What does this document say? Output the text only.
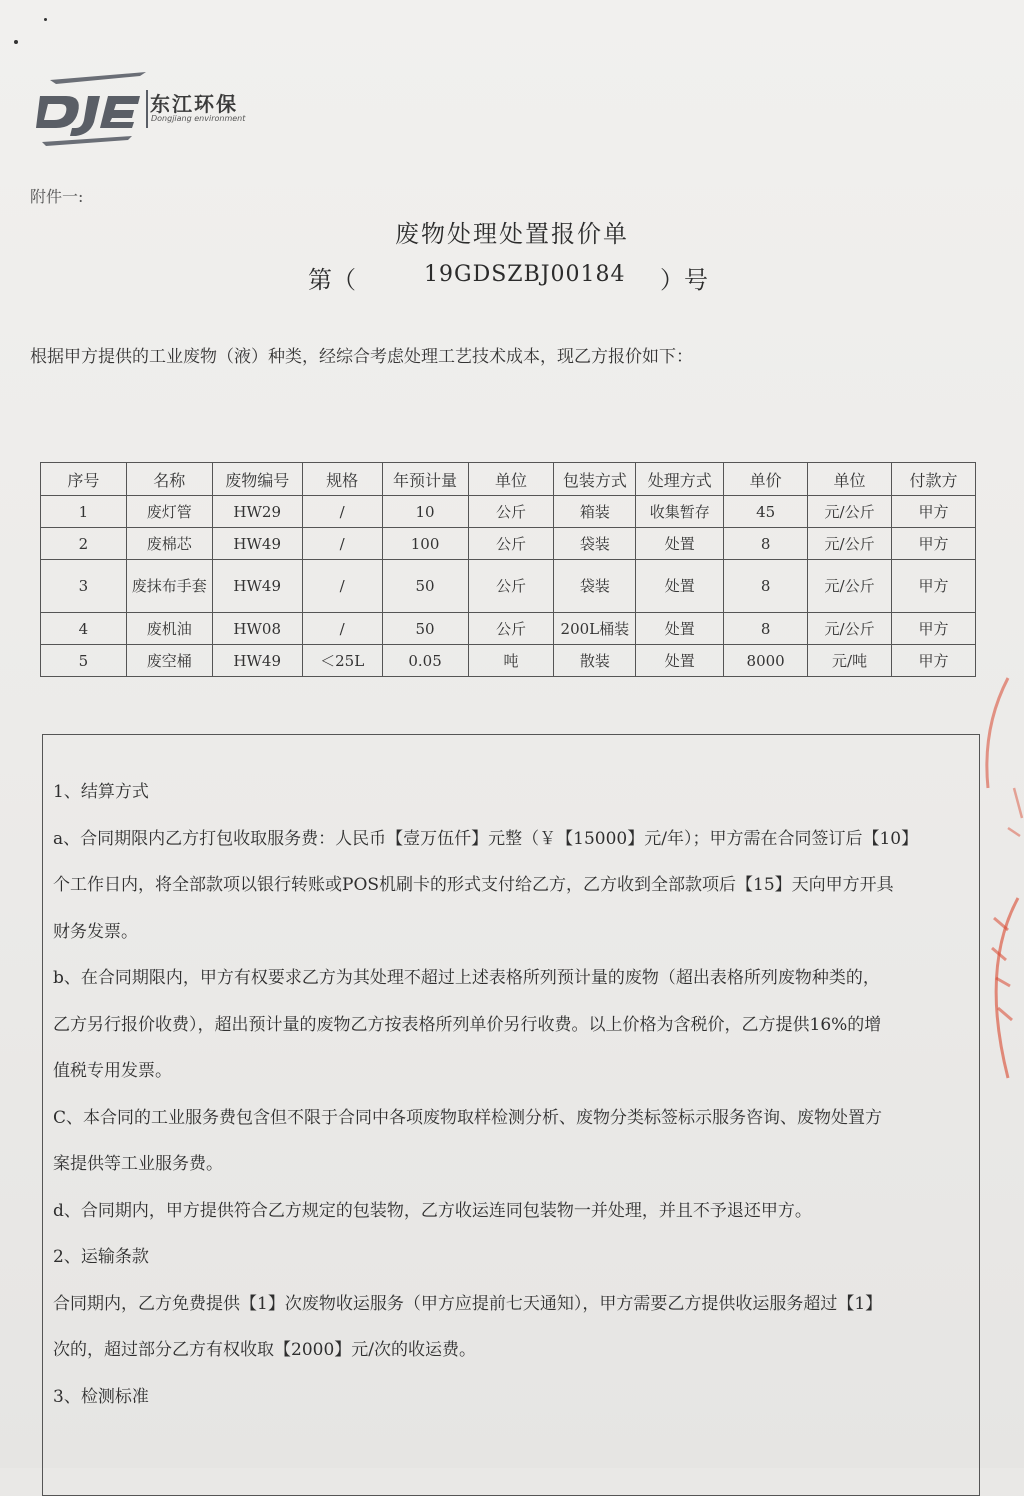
东江环保
Dongjiang environment
附件一:
废物处理处置报价单
第（	19GDSZBJ00184 ）号
根据甲方提供的工业废物（液）种类，经综合考虑处理工艺技术成本，现乙方报价如下：
序号	名称	废物编号	规格	年预计量	单位	包装方式	处理方式	单价	单位	付款方
1	废灯管	HW29	/	10	公斤	箱装	收集暂存	45	元/公斤	甲方
2	废棉芯	HW49	/	100	公斤	袋装	处置	8	元/公斤	甲方
3	废抹布手套	HW49	/	50	公斤	袋装	处置	8	元/公斤	甲方
4	废机油	HW08	/	50	公斤	200L桶装	处置	8	元/公斤	甲方
5	废空桶	HW49	＜25L	0.05	吨	散装	处置	8000	元/吨	甲方

1、结算方式

a、合同期限内乙方打包收取服务费：人民币【壹万伍仟】元整（￥【15000】元/年）；甲方需在合同签订后【10】

个工作日内，将全部款项以银行转账或POS机刷卡的形式支付给乙方，乙方收到全部款项后【15】天向甲方开具

财务发票。

b、在合同期限内，甲方有权要求乙方为其处理不超过上述表格所列预计量的废物（超出表格所列废物种类的，

乙方另行报价收费），超出预计量的废物乙方按表格所列单价另行收费。以上价格为含税价，乙方提供16%的增

值税专用发票。

C、本合同的工业服务费包含但不限于合同中各项废物取样检测分析、废物分类标签标示服务咨询、废物处置方

案提供等工业服务费。

d、合同期内，甲方提供符合乙方规定的包装物，乙方收运连同包装物一并处理，并且不予退还甲方。

2、运输条款

合同期内，乙方免费提供【1】次废物收运服务（甲方应提前七天通知），甲方需要乙方提供收运服务超过【1】

次的，超过部分乙方有权收取【2000】元/次的收运费。

3、检测标准
